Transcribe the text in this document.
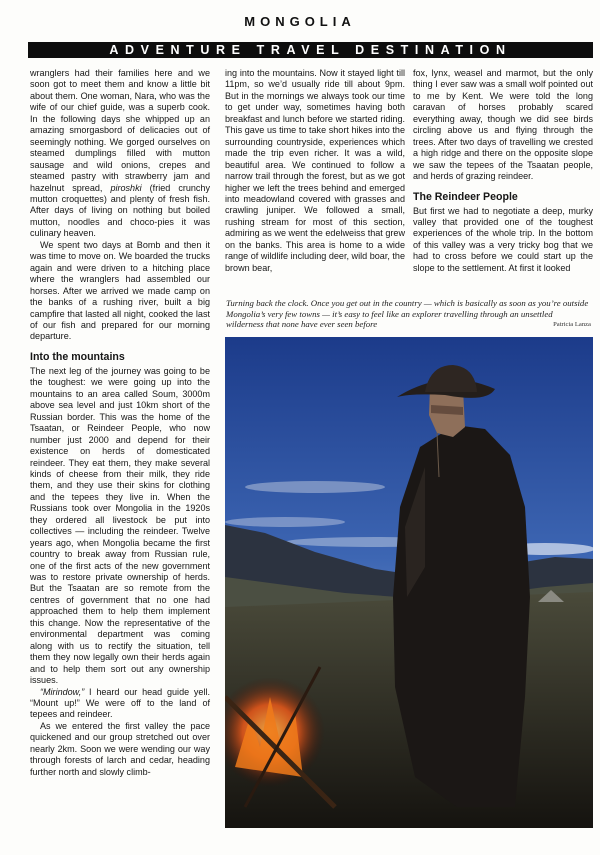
MONGOLIA
ADVENTURE TRAVEL DESTINATION

wranglers had their families here and we soon got to meet them and know a little bit about them. One woman, Nara, who was the wife of our chief guide, was a superb cook. In the following days she whipped up an amazing smorgasbord of delicacies out of seemingly nothing. We gorged ourselves on steamed dumplings filled with mutton sausage and wild onions, crepes and steamed pastry with strawberry jam and hazelnut spread, piroshki (fried crunchy mutton croquettes) and plenty of fresh fish. After days of living on nothing but boiled mutton, noodles and choco-pies it was culinary heaven.

We spent two days at Bomb and then it was time to move on. We boarded the trucks again and were driven to a hitching place where the wranglers had assembled our horses. After we arrived we made camp on the banks of a rushing river, built a big campfire that lasted all night, cooked the last of our fish and prepared for our morning departure.

Into the mountains

The next leg of the journey was going to be the toughest: we were going up into the mountains to an area called Soum, 3000m above sea level and just 10km short of the Russian border. This was the home of the Tsaatan, or Reindeer People, who now number just 2000 and depend for their existence on herds of domesticated reindeer. They eat them, they make several kinds of cheese from their milk, they ride them, and they use their skins for clothing and the tepees they live in. When the Russians took over Mongolia in the 1920s they ordered all livestock be put into collectives — including the reindeer. Twelve years ago, when Mongolia became the first country to break away from Russian rule, one of the first acts of the new government was to restore private ownership of herds. But the Tsaatan are so remote from the centres of government that no one had approached them to help them implement this change. Now the representative of the environmental department was coming along with us to rectify the situation, tell them they now legally own their herds again and to help them sort out any ownership issues.

“Mirindow,” I heard our head guide yell. “Mount up!” We were off to the land of tepees and reindeer.

As we entered the first valley the pace quickened and our group stretched out over nearly 2km. Soon we were wending our way through forests of larch and cedar, heading further north and slowly climb-

ing into the mountains. Now it stayed light till 11pm, so we’d usually ride till about 9pm. But in the mornings we always took our time to get under way, sometimes having both breakfast and lunch before we started riding. This gave us time to take short hikes into the surrounding countryside, experiences which made the trip even richer. It was a wild, beautiful area. We continued to follow a narrow trail through the forest, but as we got higher we left the trees behind and emerged into meadowland covered with grasses and crawling juniper. We followed a small, rushing stream for most of this section, admiring as we went the edelweiss that grew on the banks. This area is home to a wide range of wildlife including deer, wild boar, the brown bear,

fox, lynx, weasel and marmot, but the only thing I ever saw was a small wolf pointed out to me by Kent. We were told the long caravan of horses probably scared everything away, though we did see birds circling above us and flying through the trees. After two days of travelling we crested a high ridge and there on the opposite slope we saw the tepees of the Tsaatan people, and herds of grazing reindeer.

The Reindeer People

But first we had to negotiate a deep, murky valley that provided one of the toughest experiences of the whole trip. In the bottom of this valley was a very tricky bog that we had to cross before we could start up the slope to the settlement. At first it looked

Turning back the clock. Once you get out in the country — which is basically as soon as you’re outside Mongolia’s very few towns — it’s easy to feel like an explorer travelling through an unsettled wilderness that none have ever seen before	Patricia Lanza
